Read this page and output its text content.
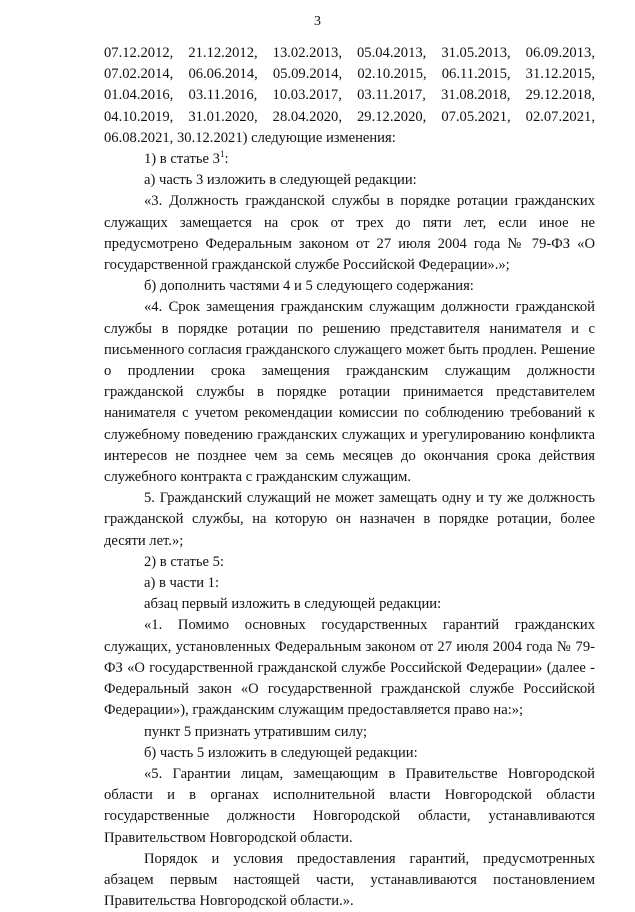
3
07.12.2012, 21.12.2012, 13.02.2013, 05.04.2013, 31.05.2013, 06.09.2013,
07.02.2014, 06.06.2014, 05.09.2014, 02.10.2015, 06.11.2015, 31.12.2015,
01.04.2016, 03.11.2016, 10.03.2017, 03.11.2017, 31.08.2018, 29.12.2018,
04.10.2019, 31.01.2020, 28.04.2020, 29.12.2020, 07.05.2021, 02.07.2021,
06.08.2021, 30.12.2021) следующие изменения:

1) в статье $3^1$:

а) часть 3 изложить в следующей редакции:

«3. Должность гражданской службы в порядке ротации гражданских служащих замещается на срок от трех до пяти лет, если иное не предусмотрено Федеральным законом от 27 июля 2004 года № 79-ФЗ «О государственной гражданской службе Российской Федерации».»;

б) дополнить частями 4 и 5 следующего содержания:

«4. Срок замещения гражданским служащим должности гражданской службы в порядке ротации по решению представителя нанимателя и с письменного согласия гражданского служащего может быть продлен. Решение о продлении срока замещения гражданским служащим должности гражданской службы в порядке ротации принимается представителем нанимателя с учетом рекомендации комиссии по соблюдению требований к служебному поведению гражданских служащих и урегулированию конфликта интересов не позднее чем за семь месяцев до окончания срока действия служебного контракта с гражданским служащим.

5. Гражданский служащий не может замещать одну и ту же должность гражданской службы, на которую он назначен в порядке ротации, более десяти лет.»;

2) в статье 5:

а) в части 1:

абзац первый изложить в следующей редакции:

«1. Помимо основных государственных гарантий гражданских служащих, установленных Федеральным законом от 27 июля 2004 года № 79-ФЗ «О государственной гражданской службе Российской Федерации» (далее - Федеральный закон «О государственной гражданской службе Российской Федерации»), гражданским служащим предоставляется право на:»;

пункт 5 признать утратившим силу;

б) часть 5 изложить в следующей редакции:

«5. Гарантии лицам, замещающим в Правительстве Новгородской области и в органах исполнительной власти Новгородской области государственные должности Новгородской области, устанавливаются Правительством Новгородской области.

Порядок и условия предоставления гарантий, предусмотренных абзацем первым настоящей части, устанавливаются постановлением Правительства Новгородской области.».
